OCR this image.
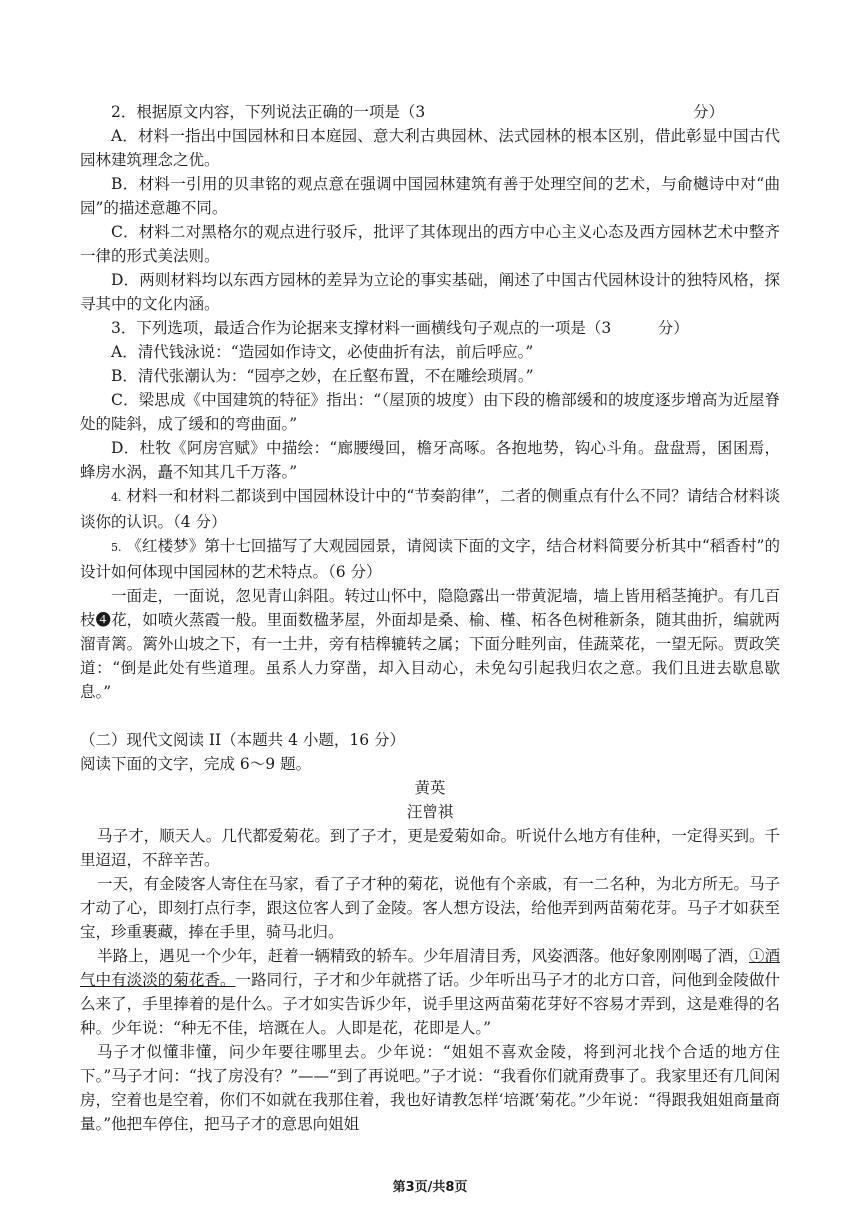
2．根据原文内容，下列说法正确的一项是（3	分）

A．材料一指出中国园林和日本庭园、意大利古典园林、法式园林的根本区别，借此彰显中国古代园林建筑理念之优。

B．材料一引用的贝聿铭的观点意在强调中国园林建筑有善于处理空间的艺术，与俞樾诗中对“曲园”的描述意趣不同。

C．材料二对黑格尔的观点进行驳斥，批评了其体现出的西方中心主义心态及西方园林艺术中整齐一律的形式美法则。

D．两则材料均以东西方园林的差异为立论的事实基础，阐述了中国古代园林设计的独特风格，探寻其中的文化内涵。

3．下列选项，最适合作为论据来支撑材料一画横线句子观点的一项是（3　　　分）

A．清代钱泳说：“造园如作诗文，必使曲折有法，前后呼应。”

B．清代张潮认为：“园亭之妙，在丘壑布置，不在雕绘琐屑。”

C．梁思成《中国建筑的特征》指出：“（屋顶的坡度）由下段的檐部缓和的坡度逐步增高为近屋脊处的陡斜，成了缓和的弯曲面。”

D．杜牧《阿房宫赋》中描绘：“廊腰缦回，檐牙高啄。各抱地势，钩心斗角。盘盘焉，囷囷焉，蜂房水涡，矗不知其几千万落。”

4. 材料一和材料二都谈到中国园林设计中的“节奏韵律”，二者的侧重点有什么不同？请结合材料谈谈你的认识。（4 分）

5. 《红楼梦》第十七回描写了大观园园景，请阅读下面的文字，结合材料简要分析其中“稻香村”的设计如何体现中国园林的艺术特点。（6 分）

一面走，一面说，忽见青山斜阻。转过山怀中，隐隐露出一带黄泥墙，墙上皆用稻茎掩护。有几百枝❹花，如喷火蒸霞一般。里面数楹茅屋，外面却是桑、榆、槿、柘各色树稚新条，随其曲折，编就两溜青篱。篱外山坡之下，有一土井，旁有桔槔辘转之属；下面分畦列亩，佳蔬菜花，一望无际。贾政笑道：“倒是此处有些道理。虽系人力穿凿，却入目动心，未免勾引起我归农之意。我们且进去歇息歇息。”

（二）现代文阅读 II（本题共 4 小题，16 分）

阅读下面的文字，完成 6～9 题。

黄英

汪曾祺

马子才，顺天人。几代都爱菊花。到了子才，更是爱菊如命。听说什么地方有佳种，一定得买到。千里迢迢，不辞辛苦。

一天，有金陵客人寄住在马家，看了子才种的菊花，说他有个亲戚，有一二名种，为北方所无。马子才动了心，即刻打点行李，跟这位客人到了金陵。客人想方设法，给他弄到两苗菊花芽。马子才如获至宝，珍重裹藏，捧在手里，骑马北归。

半路上，遇见一个少年，赶着一辆精致的轿车。少年眉清目秀，风姿洒落。他好象刚刚喝了酒，①酒气中有淡淡的菊花香。一路同行，子才和少年就搭了话。少年听出马子才的北方口音，问他到金陵做什么来了，手里捧着的是什么。子才如实告诉少年，说手里这两苗菊花芽好不容易才弄到，这是难得的名种。少年说：“种无不佳，培溉在人。人即是花，花即是人。”

马子才似懂非懂，问少年要往哪里去。少年说：“姐姐不喜欢金陵，将到河北找个合适的地方住下。”马子才问：“找了房没有？”——“到了再说吧。”子才说：“我看你们就甭费事了。我家里还有几间闲房，空着也是空着，你们不如就在我那住着，我也好请教怎样‘培溉’菊花。”少年说：“得跟我姐姐商量商量。”他把车停住，把马子才的意思向姐姐

第3页/共8页
